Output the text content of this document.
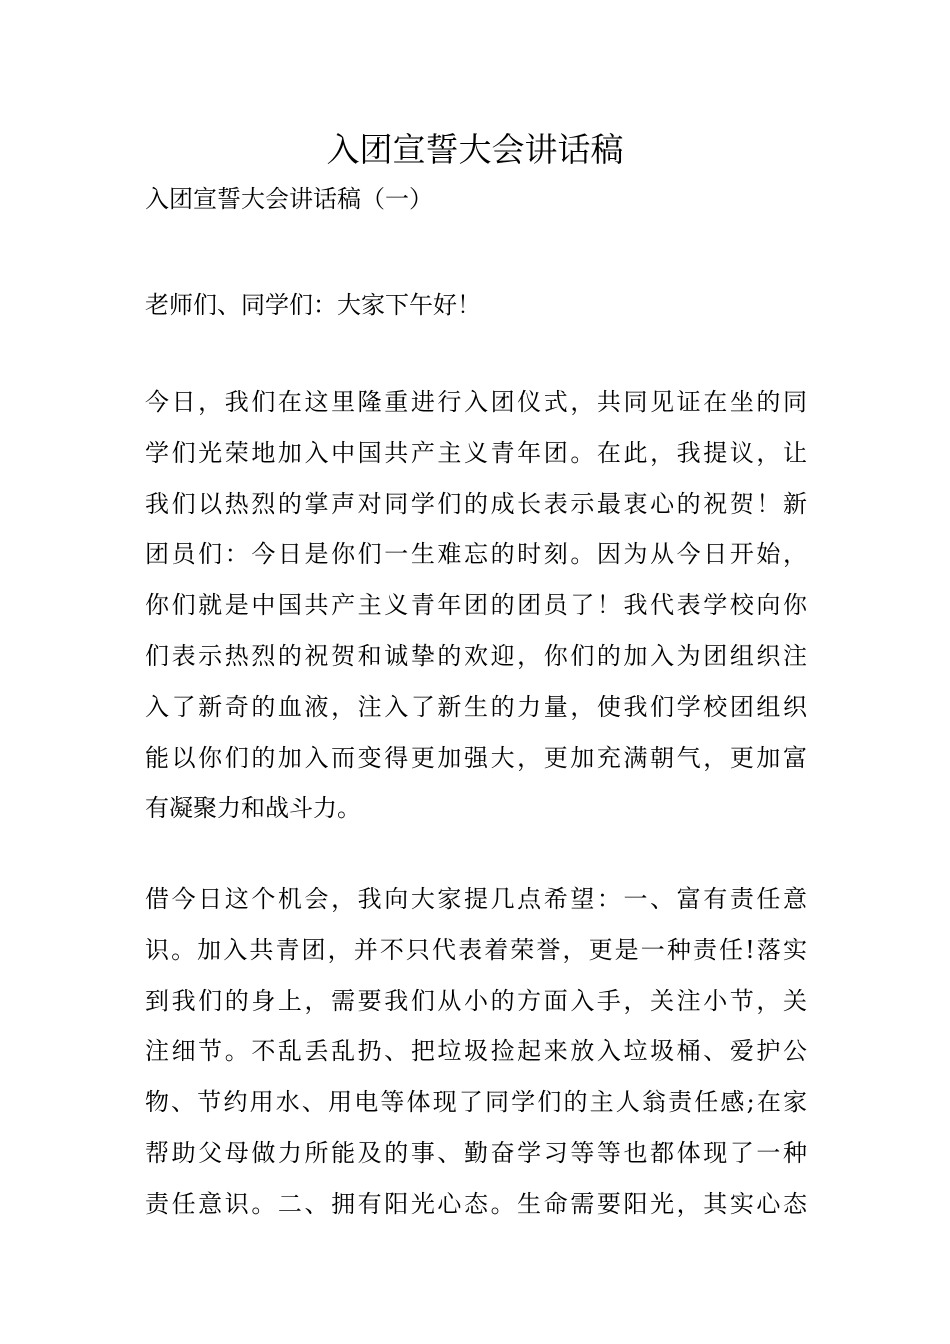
入团宣誓大会讲话稿

入团宣誓大会讲话稿（一）

老师们、同学们：大家下午好！

今日，我们在这里隆重进行入团仪式，共同见证在坐的同
学们光荣地加入中国共产主义青年团。在此，我提议，让
我们以热烈的掌声对同学们的成长表示最衷心的祝贺！新
团员们：今日是你们一生难忘的时刻。因为从今日开始，
你们就是中国共产主义青年团的团员了！我代表学校向你
们表示热烈的祝贺和诚挚的欢迎，你们的加入为团组织注
入了新奇的血液，注入了新生的力量，使我们学校团组织
能以你们的加入而变得更加强大，更加充满朝气，更加富
有凝聚力和战斗力。
借今日这个机会，我向大家提几点希望：一、富有责任意
识。加入共青团，并不只代表着荣誉，更是一种责任!落实
到我们的身上，需要我们从小的方面入手，关注小节，关
注细节。不乱丢乱扔、把垃圾捡起来放入垃圾桶、爱护公
物、节约用水、用电等体现了同学们的主人翁责任感;在家
帮助父母做力所能及的事、勤奋学习等等也都体现了一种
责任意识。二、拥有阳光心态。生命需要阳光，其实心态
